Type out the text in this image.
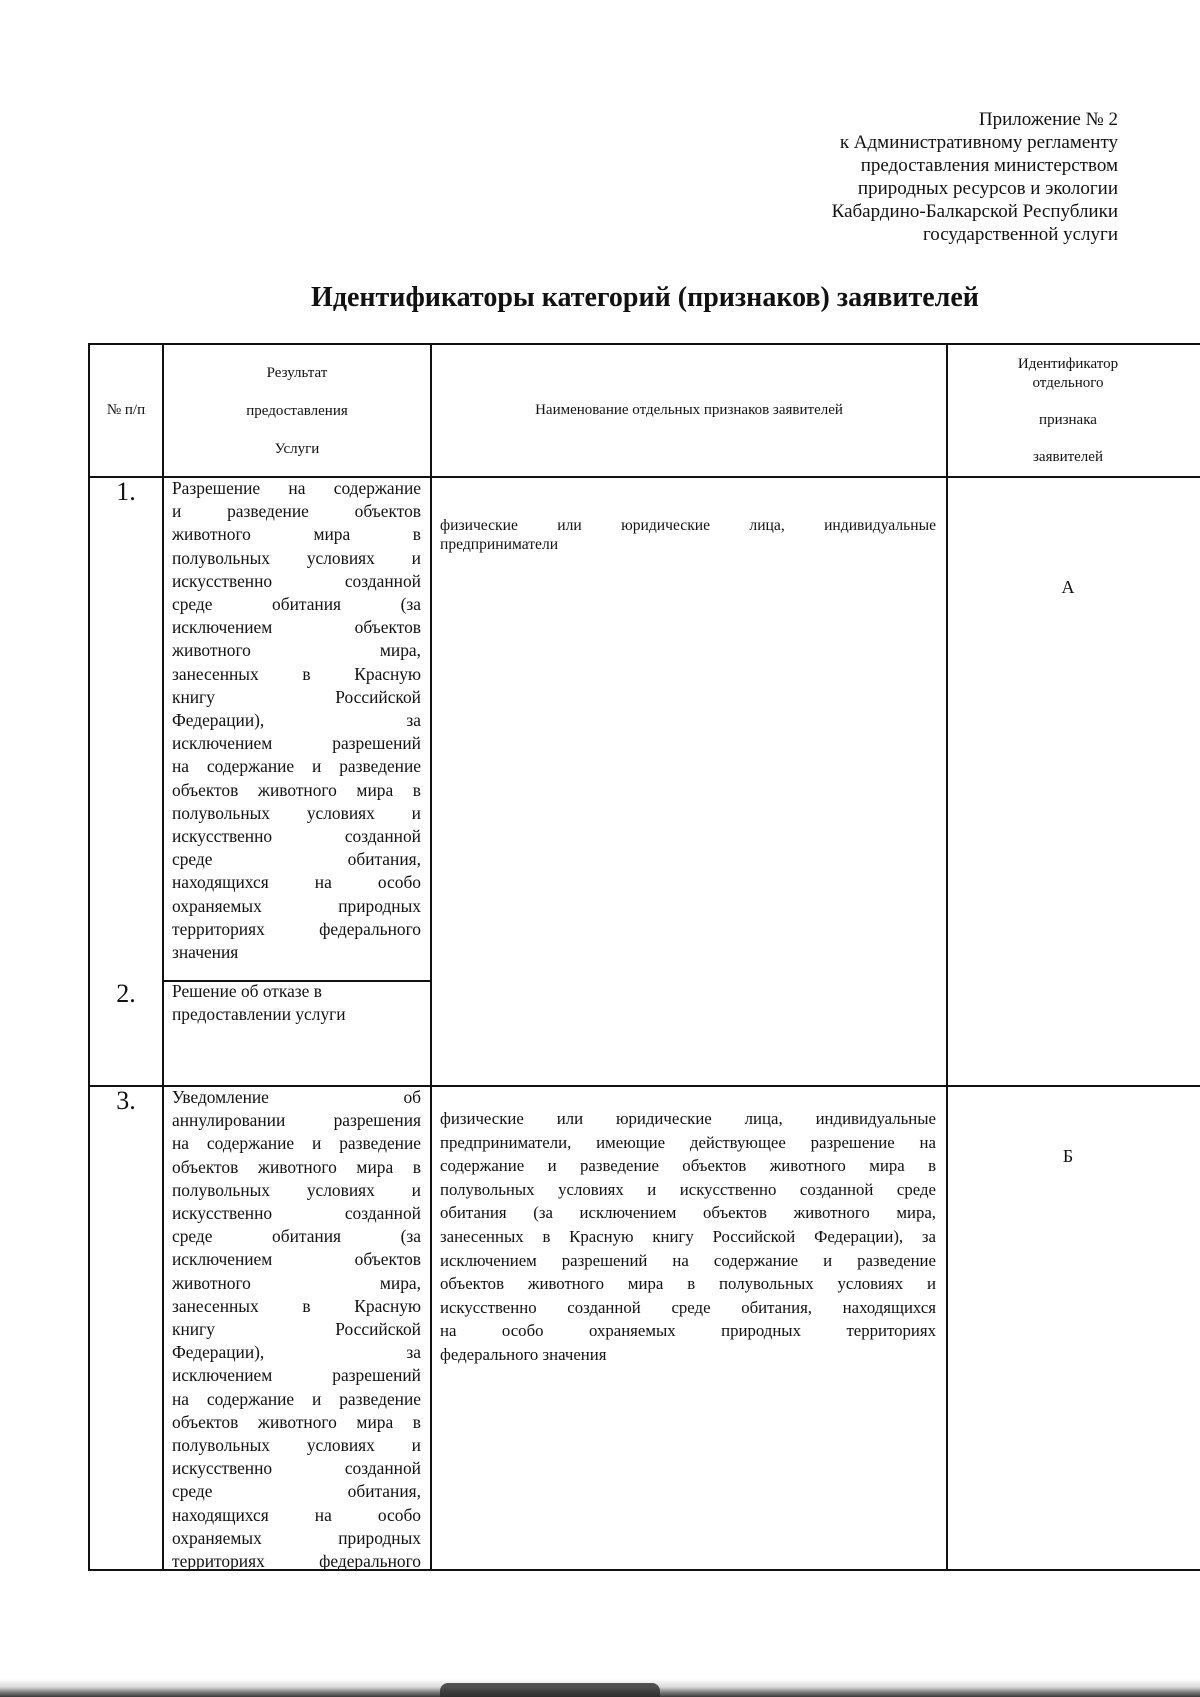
Приложение № 2
к Административному регламенту
предоставления министерством
природных ресурсов и экологии
Кабардино-Балкарской Республики
государственной услуги
Идентификаторы категорий (признаков) заявителей
№ п/п
Результат
предоставления
Услуги
Наименование отдельных признаков заявителей
Идентификатор
отдельного
признака
заявителей
1.
2.
3.
Разрешение на содержание
и разведение объектов
животного мира в
полувольных условиях и
искусственно созданной
среде обитания (за
исключением объектов
животного мира,
занесенных в Красную
книгу Российской
Федерации), за
исключением разрешений
на содержание и разведение
объектов животного мира в
полувольных условиях и
искусственно созданной
среде обитания,
находящихся на особо
охраняемых природных
территориях федерального
значения
Решение об отказе в
предоставлении услуги
Уведомление об
аннулировании разрешения
на содержание и разведение
объектов животного мира в
полувольных условиях и
искусственно созданной
среде обитания (за
исключением объектов
животного мира,
занесенных в Красную
книгу Российской
Федерации), за
исключением разрешений
на содержание и разведение
объектов животного мира в
полувольных условиях и
искусственно созданной
среде обитания,
находящихся на особо
охраняемых природных
территориях федерального
физические или юридические лица, индивидуальные
предприниматели
А
физические или юридические лица, индивидуальные
предприниматели, имеющие действующее разрешение на
содержание и разведение объектов животного мира в
полувольных условиях и искусственно созданной среде
обитания (за исключением объектов животного мира,
занесенных в Красную книгу Российской Федерации), за
исключением разрешений на содержание и разведение
объектов животного мира в полувольных условиях и
искусственно созданной среде обитания, находящихся
на особо охраняемых природных территориях
федерального значения
Б
